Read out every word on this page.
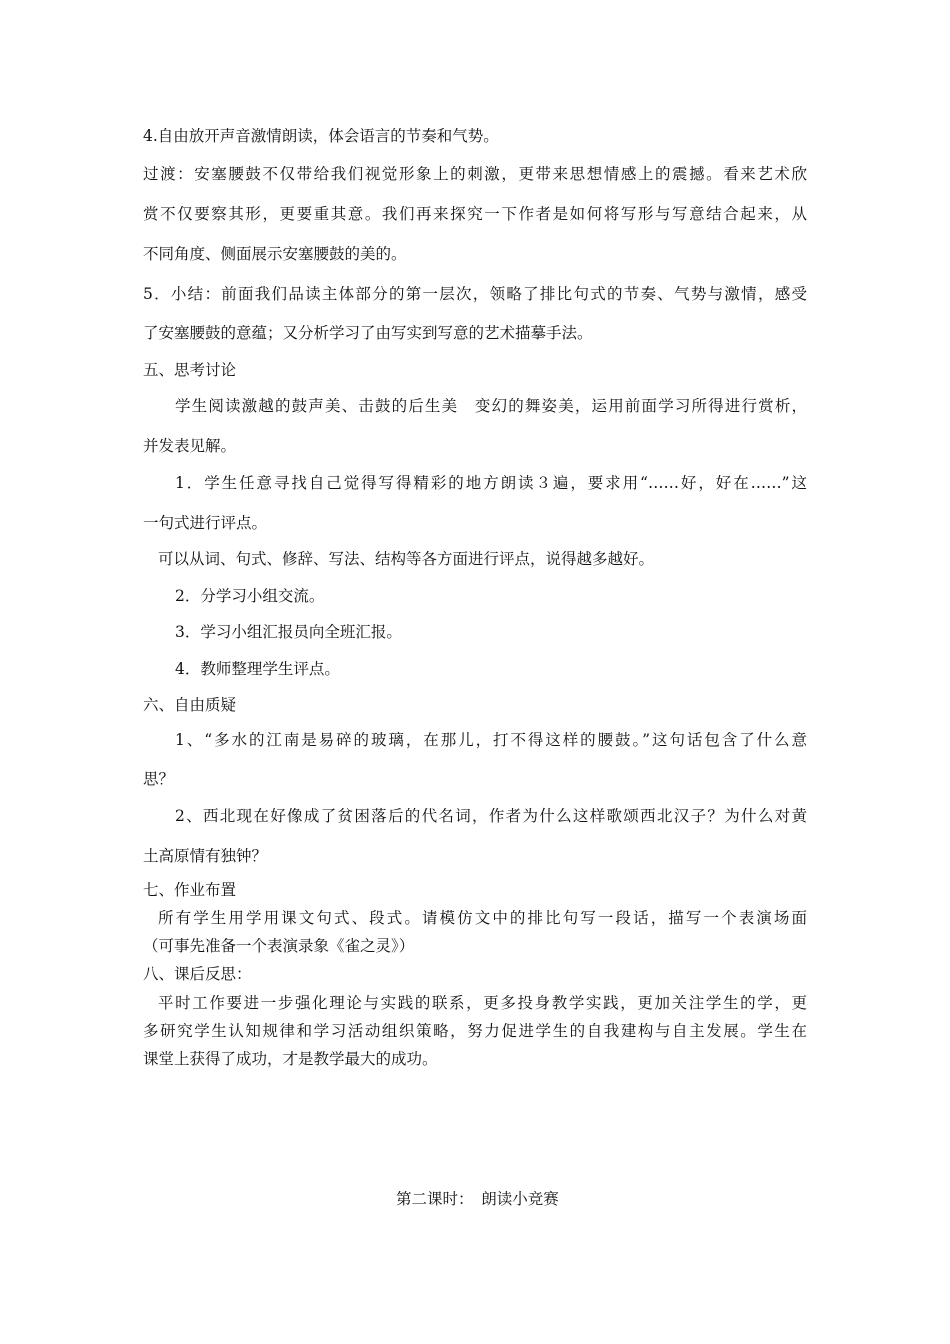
4.自由放开声音激情朗读，体会语言的节奏和气势。
过渡：安塞腰鼓不仅带给我们视觉形象上的刺激，更带来思想情感上的震撼。看来艺术欣
赏不仅要察其形，更要重其意。我们再来探究一下作者是如何将写形与写意结合起来，从
不同角度、侧面展示安塞腰鼓的美的。
5．小结：前面我们品读主体部分的第一层次，领略了排比句式的节奏、气势与激情，感受
了安塞腰鼓的意蕴；又分析学习了由写实到写意的艺术描摹手法。
五、思考讨论
学生阅读激越的鼓声美、击鼓的后生美　变幻的舞姿美，运用前面学习所得进行赏析，
并发表见解。
1．学生任意寻找自己觉得写得精彩的地方朗读３遍，要求用“……好，好在……”这
一句式进行评点。
可以从词、句式、修辞、写法、结构等各方面进行评点，说得越多越好。
2．分学习小组交流。
3．学习小组汇报员向全班汇报。
4．教师整理学生评点。
六、自由质疑
1、“多水的江南是易碎的玻璃，在那儿，打不得这样的腰鼓。”这句话包含了什么意
思？
2、西北现在好像成了贫困落后的代名词，作者为什么这样歌颂西北汉子？为什么对黄
土高原情有独钟？
七、作业布置
所有学生用学用课文句式、段式。请模仿文中的排比句写一段话，描写一个表演场面
（可事先准备一个表演录象《雀之灵》）
八、课后反思：
平时工作要进一步强化理论与实践的联系，更多投身教学实践，更加关注学生的学，更
多研究学生认知规律和学习活动组织策略，努力促进学生的自我建构与自主发展。学生在
课堂上获得了成功，才是教学最大的成功。
第二课时：　朗读小竞赛
